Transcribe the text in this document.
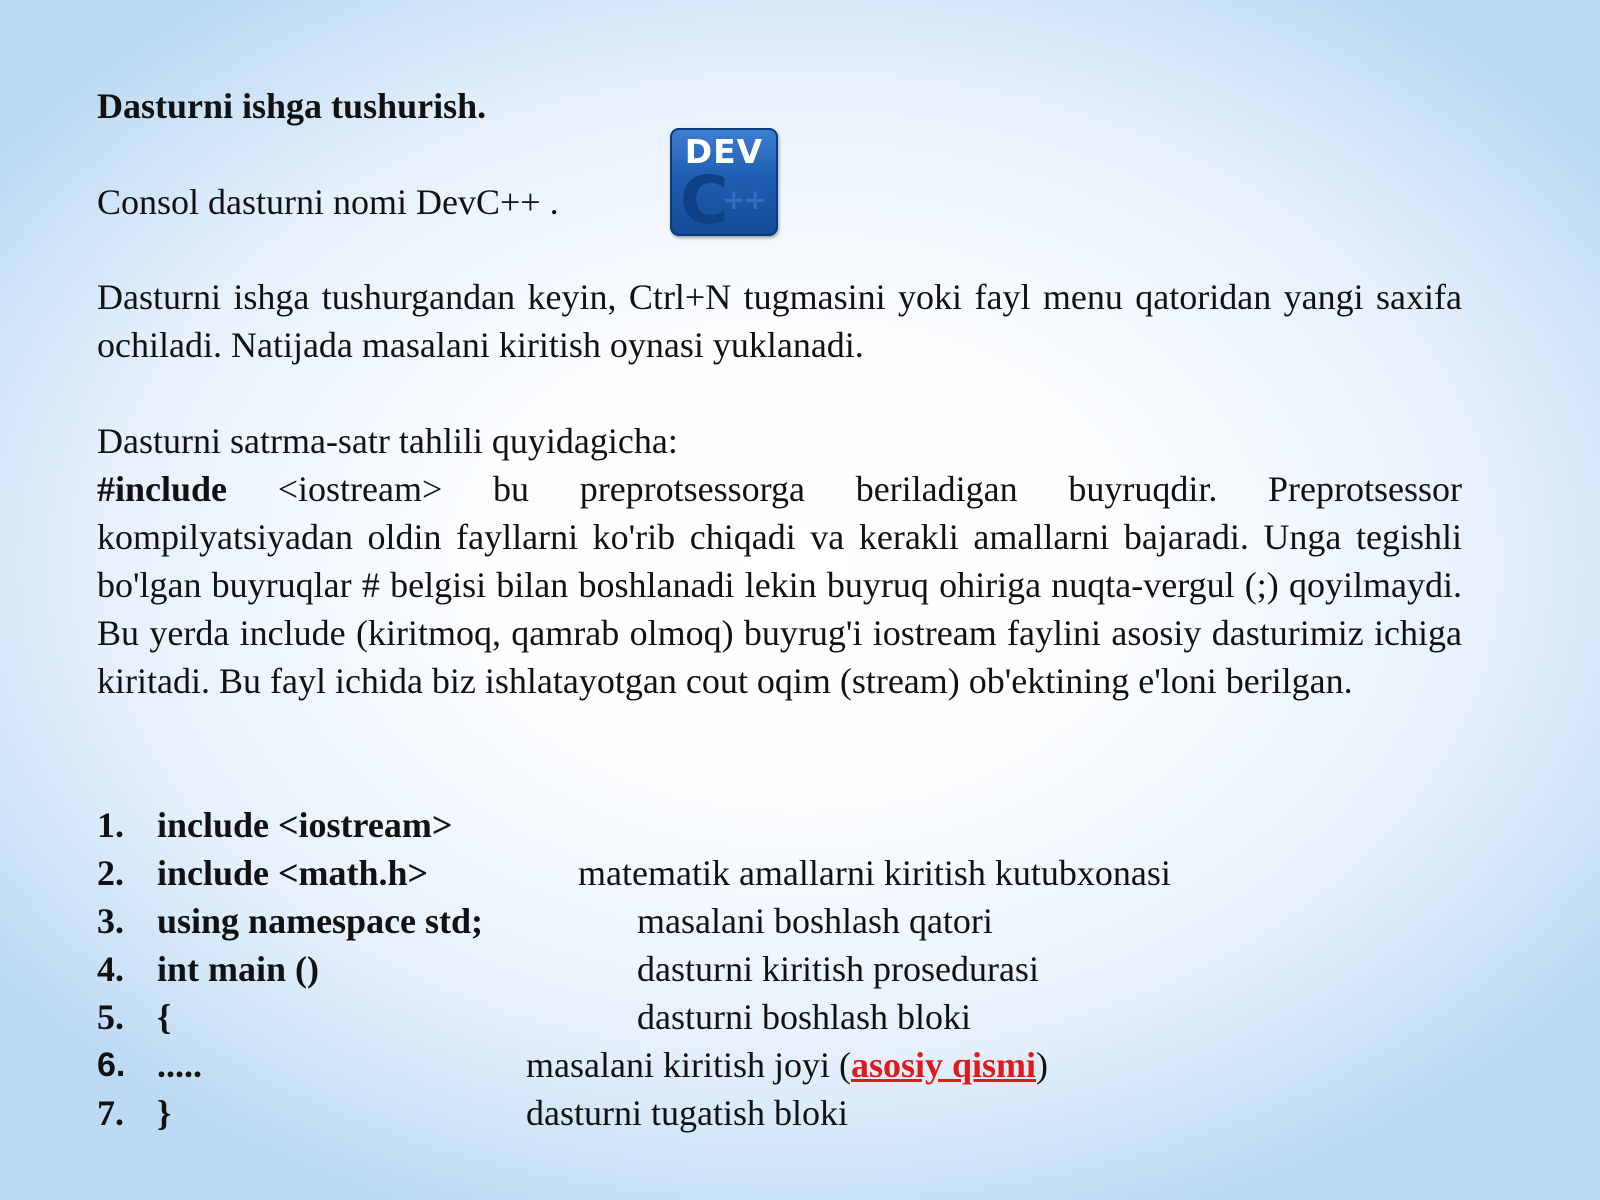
Dasturni ishga tushurish.
Consol dasturni nomi DevC++ .
DEV
C
++
Dasturni ishga tushurgandan keyin, Ctrl+N tugmasini yoki fayl menu qatoridan yangi saxifa ochiladi. Natijada masalani kiritish oynasi yuklanadi.
Dasturni satrma-satr tahlili quyidagicha:
#include <iostream> bu preprotsessorga beriladigan buyruqdir. Preprotsessor kompilyatsiyadan oldin fayllarni ko'rib chiqadi va kerakli amallarni bajaradi. Unga tegishli bo'lgan buyruqlar # belgisi bilan boshlanadi lekin buyruq ohiriga nuqta-vergul (;) qoyilmaydi. Bu yerda include (kiritmoq, qamrab olmoq) buyrug'i iostream faylini asosiy dasturimiz ichiga kiritadi. Bu fayl ichida biz ishlatayotgan cout oqim (stream) ob'ektining e'loni berilgan.
1. include <iostream>
2. include <math.h>	matematik amallarni kiritish kutubxonasi
3. using namespace std;	masalani boshlash qatori
4. int main ()	dasturni kiritish prosedurasi
5. {	dasturni boshlash bloki
6. .....	masalani kiritish joyi (asosiy qismi)
7. }	dasturni tugatish bloki
